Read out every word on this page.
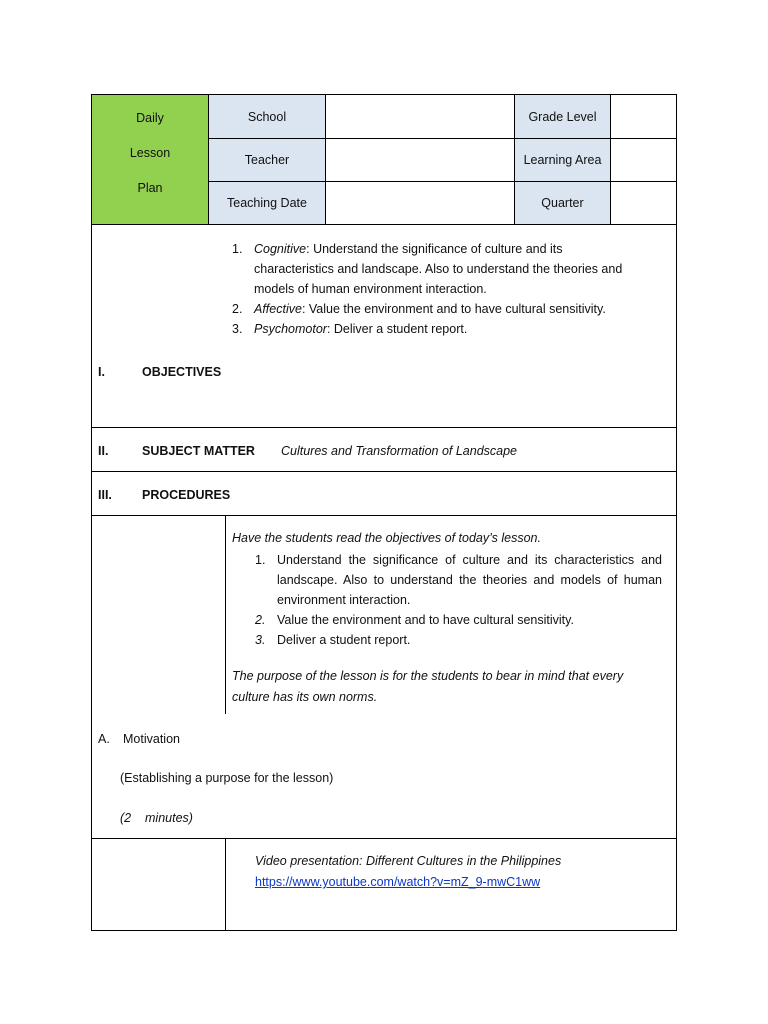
Daily
Lesson
Plan
School	Grade Level
Teacher	Learning Area
Teaching Date	Quarter
1. Cognitive: Understand the significance of culture and its characteristics and landscape. Also to understand the theories and models of human environment interaction.
2. Affective: Value the environment and to have cultural sensitivity.
3. Psychomotor: Deliver a student report.
I.	OBJECTIVES
II.	SUBJECT MATTER Cultures and Transformation of Landscape
III. PROCEDURES
Have the students read the objectives of today’s lesson.
1. Understand the significance of culture and its characteristics and landscape. Also to understand the theories and models of human environment interaction.
2. Value the environment and to have cultural sensitivity.
3. Deliver a student report.
The purpose of the lesson is for the students to bear in mind that every culture has its own norms.
A. Motivation
(Establishing a purpose for the lesson)
(2    minutes)
Video presentation: Different Cultures in the Philippines
https://www.youtube.com/watch?v=mZ_9-mwC1ww
